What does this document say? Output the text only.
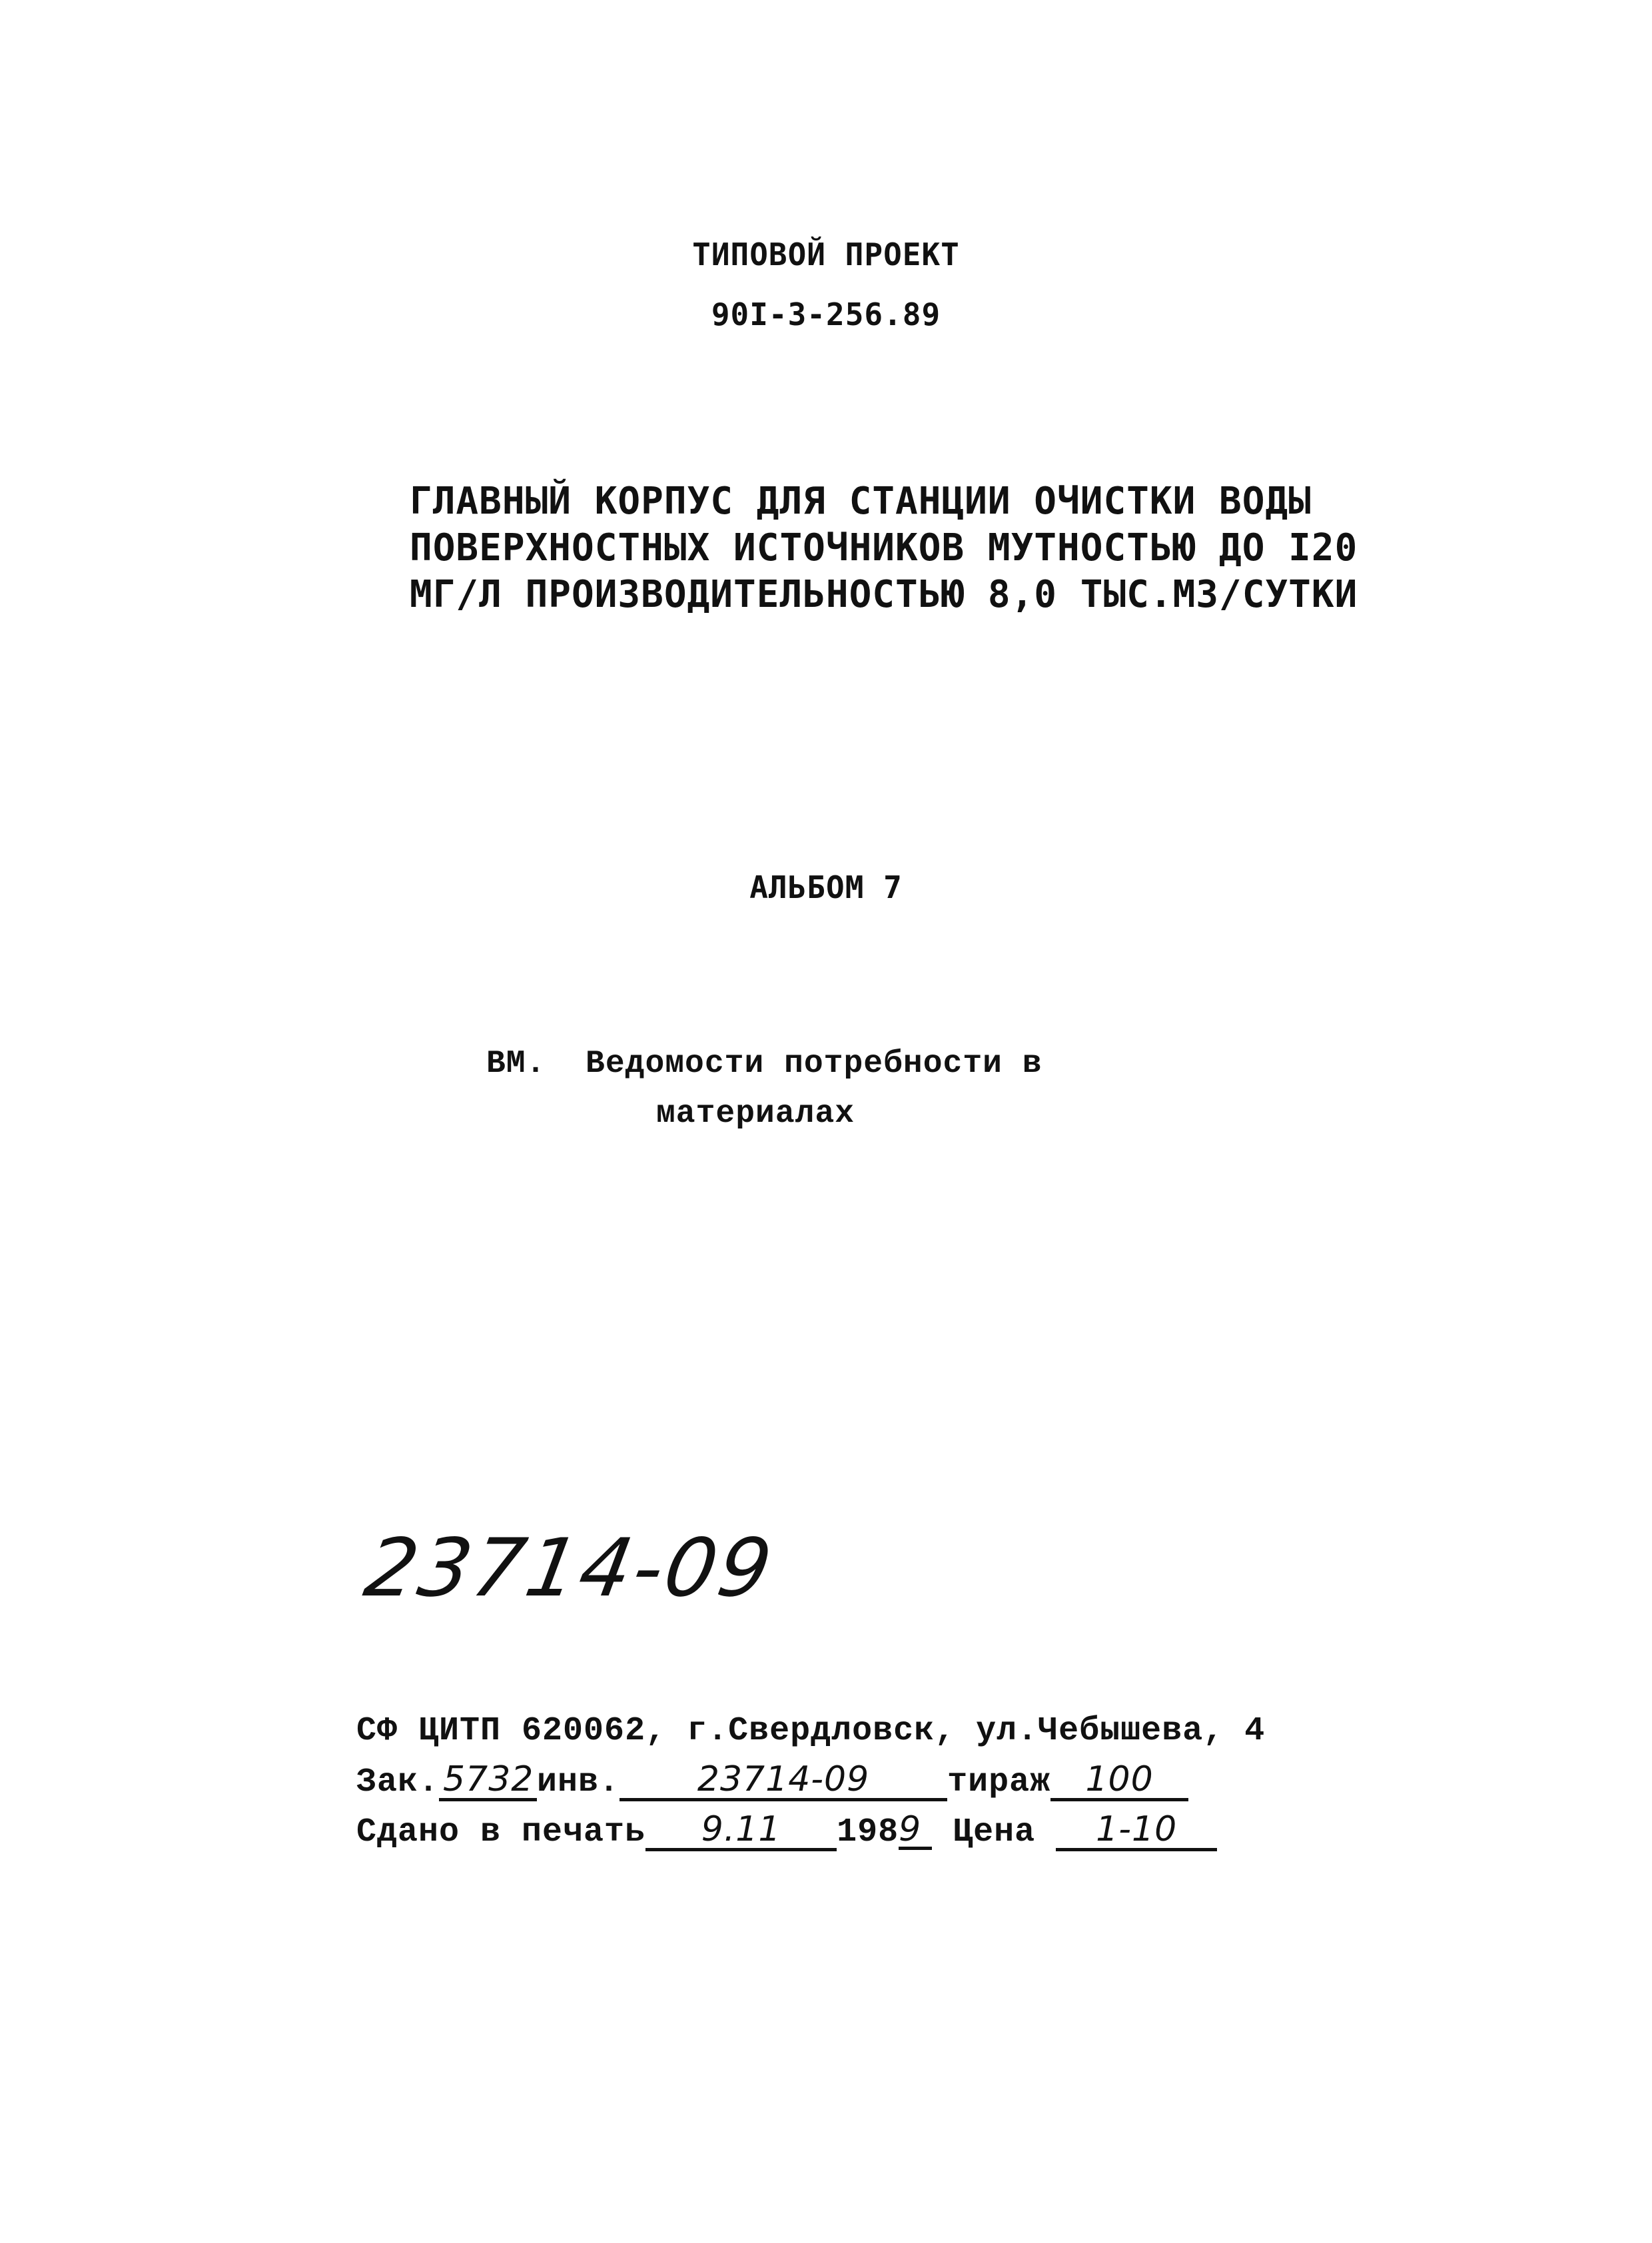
ТИПОВОЙ ПРОЕКТ
90I-3-256.89
ГЛАВНЫЙ КОРПУС ДЛЯ СТАНЦИИ ОЧИСТКИ ВОДЫ
ПОВЕРХНОСТНЫХ ИСТОЧНИКОВ МУТНОСТЬЮ ДО I20
МГ/Л ПРОИЗВОДИТЕЛЬНОСТЬЮ 8,0 ТЫС.М3/СУТКИ
АЛЬБОМ 7
ВМ.  Ведомости потребности в
материалах
23714-09
СФ ЦИТП 620062, г.Свердловск, ул.Чебышева, 4
Зак. 5732инв. 23714-09 тираж 100
Сдано в печать 9.11 1989 Цена 1-10
